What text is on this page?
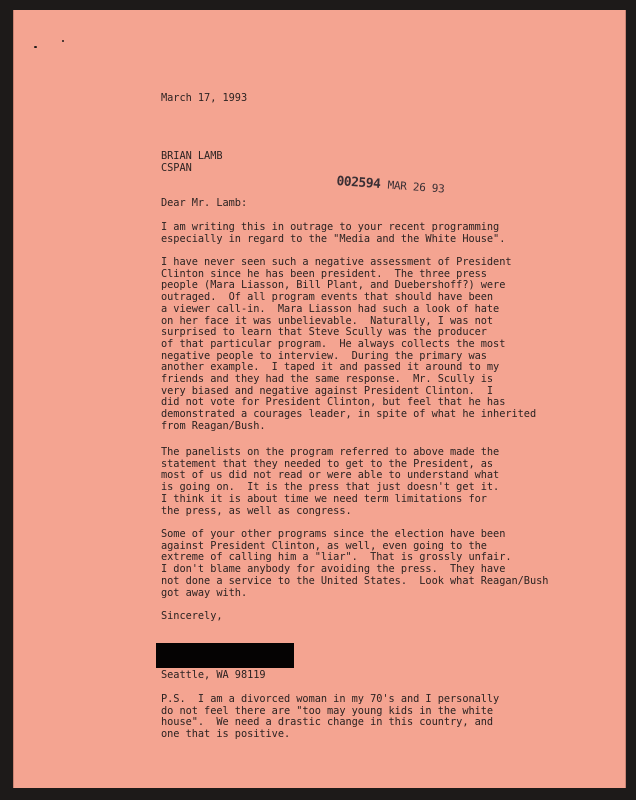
March 17, 1993

BRIAN LAMB

CSPAN

002594 MAR 26 93

Dear Mr. Lamb:

I am writing this in outrage to your recent programming
especially in regard to the "Media and the White House".

I have never seen such a negative assessment of President
Clinton since he has been president.  The three press
people (Mara Liasson, Bill Plant, and Duebershoff?) were
outraged.  Of all program events that should have been
a viewer call-in.  Mara Liasson had such a look of hate
on her face it was unbelievable.  Naturally, I was not
surprised to learn that Steve Scully was the producer
of that particular program.  He always collects the most
negative people to interview.  During the primary was
another example.  I taped it and passed it around to my
friends and they had the same response.  Mr. Scully is
very biased and negative against President Clinton.  I
did not vote for President Clinton, but feel that he has
demonstrated a courages leader, in spite of what he inherited
from Reagan/Bush.

The panelists on the program referred to above made the
statement that they needed to get to the President, as
most of us did not read or were able to understand what
is going on.  It is the press that just doesn't get it.
I think it is about time we need term limitations for
the press, as well as congress.

Some of your other programs since the election have been
against President Clinton, as well, even going to the
extreme of calling him a "liar".  That is grossly unfair.
I don't blame anybody for avoiding the press.  They have
not done a service to the United States.  Look what Reagan/Bush
got away with.

Sincerely,

Seattle, WA 98119

P.S.  I am a divorced woman in my 70's and I personally
do not feel there are "too may young kids in the white
house".  We need a drastic change in this country, and
one that is positive.
